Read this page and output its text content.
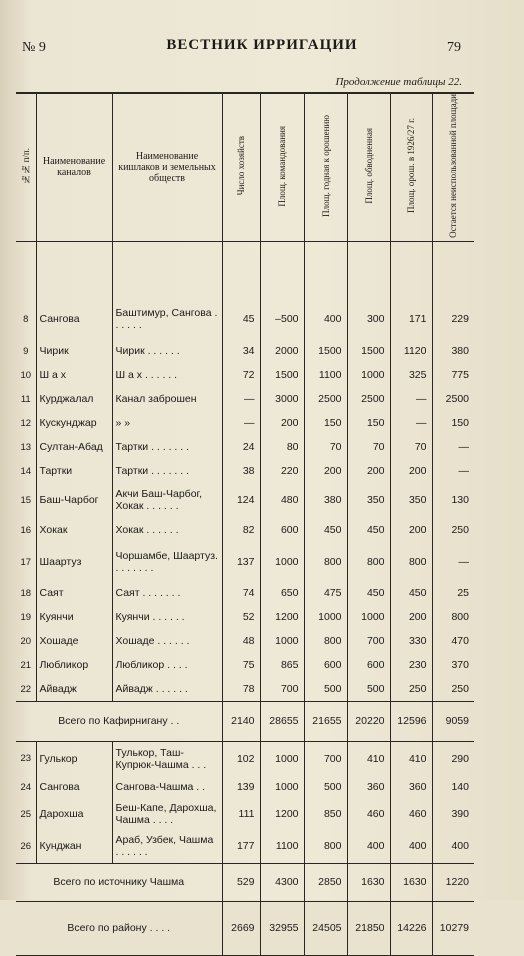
№ 9	ВЕСТНИК ИРРИГАЦИИ	79
Продолжение таблицы 22.
№№ п/п.	Наименование каналов	Наименование кишлаков и земельных обществ	Число хозяйств	Площ. командования	Площ. годная к орошению	Площ. обводненная	Площ. орош. в 1926/27 г.	Остается неиспользованной площади

8	Сангова	Баштимур, Сангова . . . . . .	45	–500	400	300	171	229
9	Чирик	Чирик . . . . . .	34	2000	1500	1500	1120	380
10	Ш а х	Ш а х . . . . . .	72	1500	1100	1000	325	775
11	Курджалал	Канал заброшен	—	3000	2500	2500	—	2500
12	Кускунджар	» »	—	200	150	150	—	150
13	Султан-Абад	Тартки . . . . . . .	24	80	70	70	70	—
14	Тартки	Тартки . . . . . . .	38	220	200	200	200	—
15	Баш-Чарбог	Акчи Баш-Чарбог, Хокак . . . . . .	124	480	380	350	350	130
16	Хокак	Хокак . . . . . .	82	600	450	450	200	250
17	Шаартуз	Чоршамбе, Шаартуз. . . . . . . .	137	1000	800	800	800	—
18	Саят	Саят . . . . . . .	74	650	475	450	450	25
19	Куянчи	Куянчи . . . . . .	52	1200	1000	1000	200	800
20	Хошаде	Хошаде . . . . . .	48	1000	800	700	330	470
21	Любликор	Любликор . . . .	75	865	600	600	230	370
22	Айвадж	Айвадж . . . . . .	78	700	500	500	250	250
Всего по Кафирнигану . .			2140	28655	21655	20220	12596	9059
23	Гулькор	Тулькор, Таш-Купрюк-Чашма . . .	102	1000	700	410	410	290
24	Сангова	Сангова-Чашма . .	139	1000	500	360	360	140
25	Дарохша	Беш-Капе, Дарохша, Чашма . . . .	111	1200	850	460	460	390
26	Кунджан	Араб, Узбек, Чашма . . . . . .	177	1100	800	400	400	400
Всего по источнику Чашма			529	4300	2850	1630	1630	1220
Всего по району . . . .			2669	32955	24505	21850	14226	10279
